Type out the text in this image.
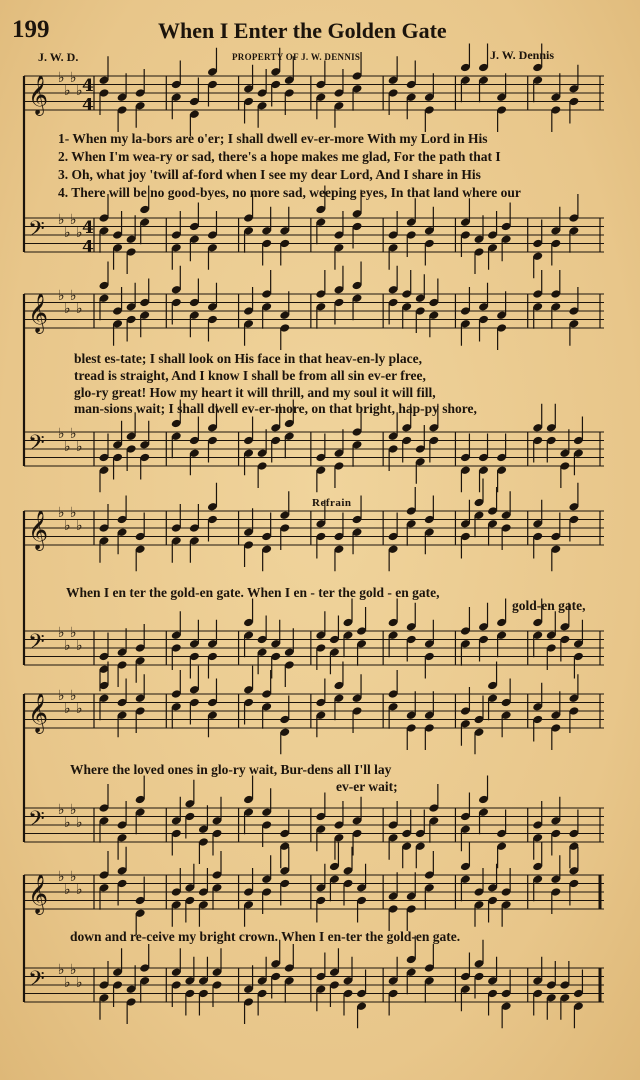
199	When I Enter the Golden Gate
J. W. D.	PROPERTY OF J. W. DENNIS	J. W. Dennis
𝄞 ♭
♭
♭
♭
𝄢 ♭
♭
♭
♭
𝄞 ♭
♭
♭
♭
𝄢 ♭
♭
♭
♭
𝄞 ♭
♭
♭
♭
𝄢 ♭
♭
♭
♭
𝄞 ♭
♭
♭
♭
𝄢 ♭
♭
♭
♭
𝄞 ♭
♭
♭
♭
𝄢 ♭
♭
♭
♭
4
4
4
4
1- When my la-bors are o'er; I shall dwell ev-er-more With my Lord in His
2. When I'm wea-ry or sad, there's a hope makes me glad, For the path that I
3. Oh, what joy 'twill af-ford when I see my dear Lord, And I share in His
4. There will be no good-byes, no more sad, weeping eyes, In that land where our
blest es-tate; I shall look on His face in that heav-en-ly place,
tread is straight, And I know I shall be from all sin ev-er free,
glo-ry great! How my heart it will thrill, and my soul it will fill,
man-sions wait; I shall dwell ev-er-more, on that bright, hap-py shore,
Refrain
When I en ter the gold-en gate. When I en - ter the gold - en gate,
gold-en gate,
Where the loved ones in glo-ry wait, Bur-dens all I'll lay
ev-er wait;
down and re-ceive my bright crown. When I en-ter the gold-en gate.
